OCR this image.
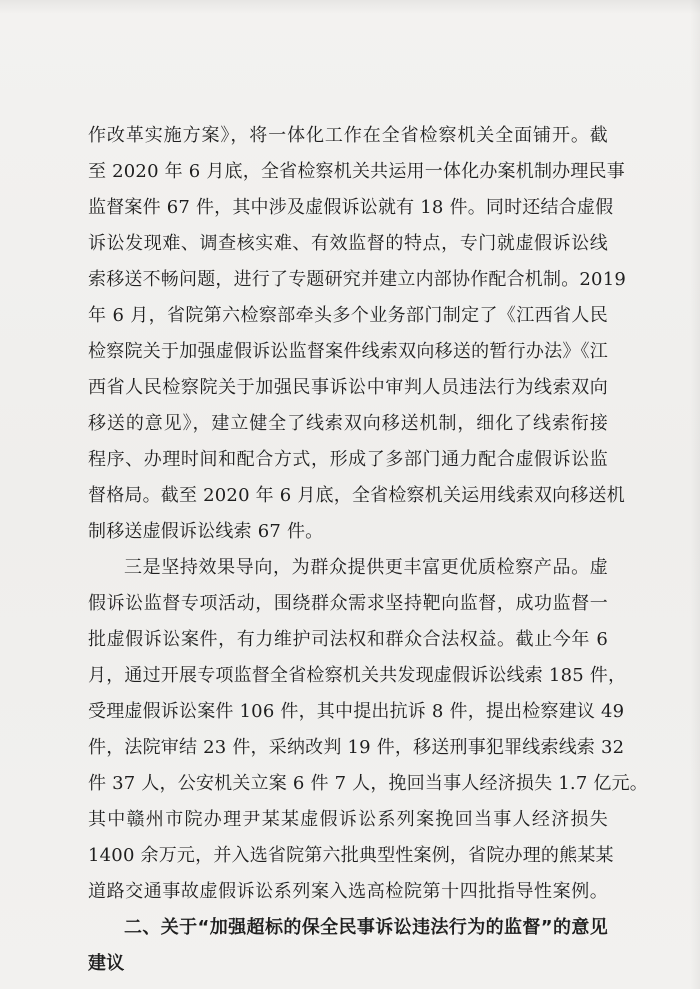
作改革实施方案》，将一体化工作在全省检察机关全面铺开。截
至 2020 年 6 月底，全省检察机关共运用一体化办案机制办理民事
监督案件 67 件，其中涉及虚假诉讼就有 18 件。同时还结合虚假
诉讼发现难、调查核实难、有效监督的特点，专门就虚假诉讼线
索移送不畅问题，进行了专题研究并建立内部协作配合机制。2019
年 6 月，省院第六检察部牵头多个业务部门制定了《江西省人民
检察院关于加强虚假诉讼监督案件线索双向移送的暂行办法》《江
西省人民检察院关于加强民事诉讼中审判人员违法行为线索双向
移送的意见》，建立健全了线索双向移送机制，细化了线索衔接
程序、办理时间和配合方式，形成了多部门通力配合虚假诉讼监
督格局。截至 2020 年 6 月底，全省检察机关运用线索双向移送机
制移送虚假诉讼线索 67 件。
三是坚持效果导向，为群众提供更丰富更优质检察产品。虚
假诉讼监督专项活动，围绕群众需求坚持靶向监督，成功监督一
批虚假诉讼案件，有力维护司法权和群众合法权益。截止今年 6
月，通过开展专项监督全省检察机关共发现虚假诉讼线索 185 件，
受理虚假诉讼案件 106 件，其中提出抗诉 8 件，提出检察建议 49
件，法院审结 23 件，采纳改判 19 件，移送刑事犯罪线索线索 32
件 37 人，公安机关立案 6 件 7 人，挽回当事人经济损失 1.7 亿元。
其中赣州市院办理尹某某虚假诉讼系列案挽回当事人经济损失
1400 余万元，并入选省院第六批典型性案例，省院办理的熊某某
道路交通事故虚假诉讼系列案入选高检院第十四批指导性案例。
二、关于“加强超标的保全民事诉讼违法行为的监督”的意见
建议
